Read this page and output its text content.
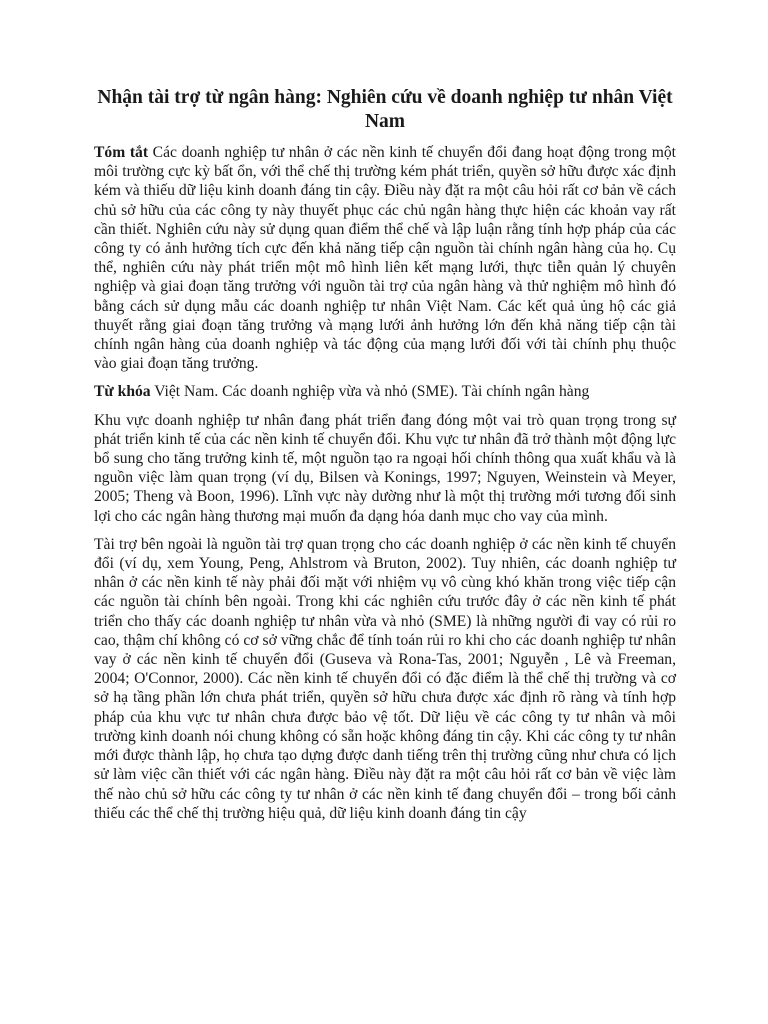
Nhận tài trợ từ ngân hàng: Nghiên cứu về doanh nghiệp tư nhân Việt Nam

Tóm tắt Các doanh nghiệp tư nhân ở các nền kinh tế chuyển đổi đang hoạt động trong một môi trường cực kỳ bất ổn, với thể chế thị trường kém phát triển, quyền sở hữu được xác định kém và thiếu dữ liệu kinh doanh đáng tin cậy. Điều này đặt ra một câu hỏi rất cơ bản về cách chủ sở hữu của các công ty này thuyết phục các chủ ngân hàng thực hiện các khoản vay rất cần thiết. Nghiên cứu này sử dụng quan điểm thể chế và lập luận rằng tính hợp pháp của các công ty có ảnh hưởng tích cực đến khả năng tiếp cận nguồn tài chính ngân hàng của họ. Cụ thể, nghiên cứu này phát triển một mô hình liên kết mạng lưới, thực tiễn quản lý chuyên nghiệp và giai đoạn tăng trưởng với nguồn tài trợ của ngân hàng và thử nghiệm mô hình đó bằng cách sử dụng mẫu các doanh nghiệp tư nhân Việt Nam. Các kết quả ủng hộ các giả thuyết rằng giai đoạn tăng trưởng và mạng lưới ảnh hưởng lớn đến khả năng tiếp cận tài chính ngân hàng của doanh nghiệp và tác động của mạng lưới đối với tài chính phụ thuộc vào giai đoạn tăng trưởng.

Từ khóa Việt Nam. Các doanh nghiệp vừa và nhỏ (SME). Tài chính ngân hàng

Khu vực doanh nghiệp tư nhân đang phát triển đang đóng một vai trò quan trọng trong sự phát triển kinh tế của các nền kinh tế chuyển đổi. Khu vực tư nhân đã trở thành một động lực bổ sung cho tăng trưởng kinh tế, một nguồn tạo ra ngoại hối chính thông qua xuất khẩu và là nguồn việc làm quan trọng (ví dụ, Bilsen và Konings, 1997; Nguyen, Weinstein và Meyer, 2005; Theng và Boon, 1996). Lĩnh vực này dường như là một thị trường mới tương đối sinh lợi cho các ngân hàng thương mại muốn đa dạng hóa danh mục cho vay của mình.

Tài trợ bên ngoài là nguồn tài trợ quan trọng cho các doanh nghiệp ở các nền kinh tế chuyển đổi (ví dụ, xem Young, Peng, Ahlstrom và Bruton, 2002). Tuy nhiên, các doanh nghiệp tư nhân ở các nền kinh tế này phải đối mặt với nhiệm vụ vô cùng khó khăn trong việc tiếp cận các nguồn tài chính bên ngoài. Trong khi các nghiên cứu trước đây ở các nền kinh tế phát triển cho thấy các doanh nghiệp tư nhân vừa và nhỏ (SME) là những người đi vay có rủi ro cao, thậm chí không có cơ sở vững chắc để tính toán rủi ro khi cho các doanh nghiệp tư nhân vay ở các nền kinh tế chuyển đổi (Guseva và Rona-Tas, 2001; Nguyễn , Lê và Freeman, 2004; O'Connor, 2000). Các nền kinh tế chuyển đổi có đặc điểm là thể chế thị trường và cơ sở hạ tầng phần lớn chưa phát triển, quyền sở hữu chưa được xác định rõ ràng và tính hợp pháp của khu vực tư nhân chưa được bảo vệ tốt. Dữ liệu về các công ty tư nhân và môi trường kinh doanh nói chung không có sẵn hoặc không đáng tin cậy. Khi các công ty tư nhân mới được thành lập, họ chưa tạo dựng được danh tiếng trên thị trường cũng như chưa có lịch sử làm việc cần thiết với các ngân hàng. Điều này đặt ra một câu hỏi rất cơ bản về việc làm thế nào chủ sở hữu các công ty tư nhân ở các nền kinh tế đang chuyển đổi – trong bối cảnh thiếu các thể chế thị trường hiệu quả, dữ liệu kinh doanh đáng tin cậy
